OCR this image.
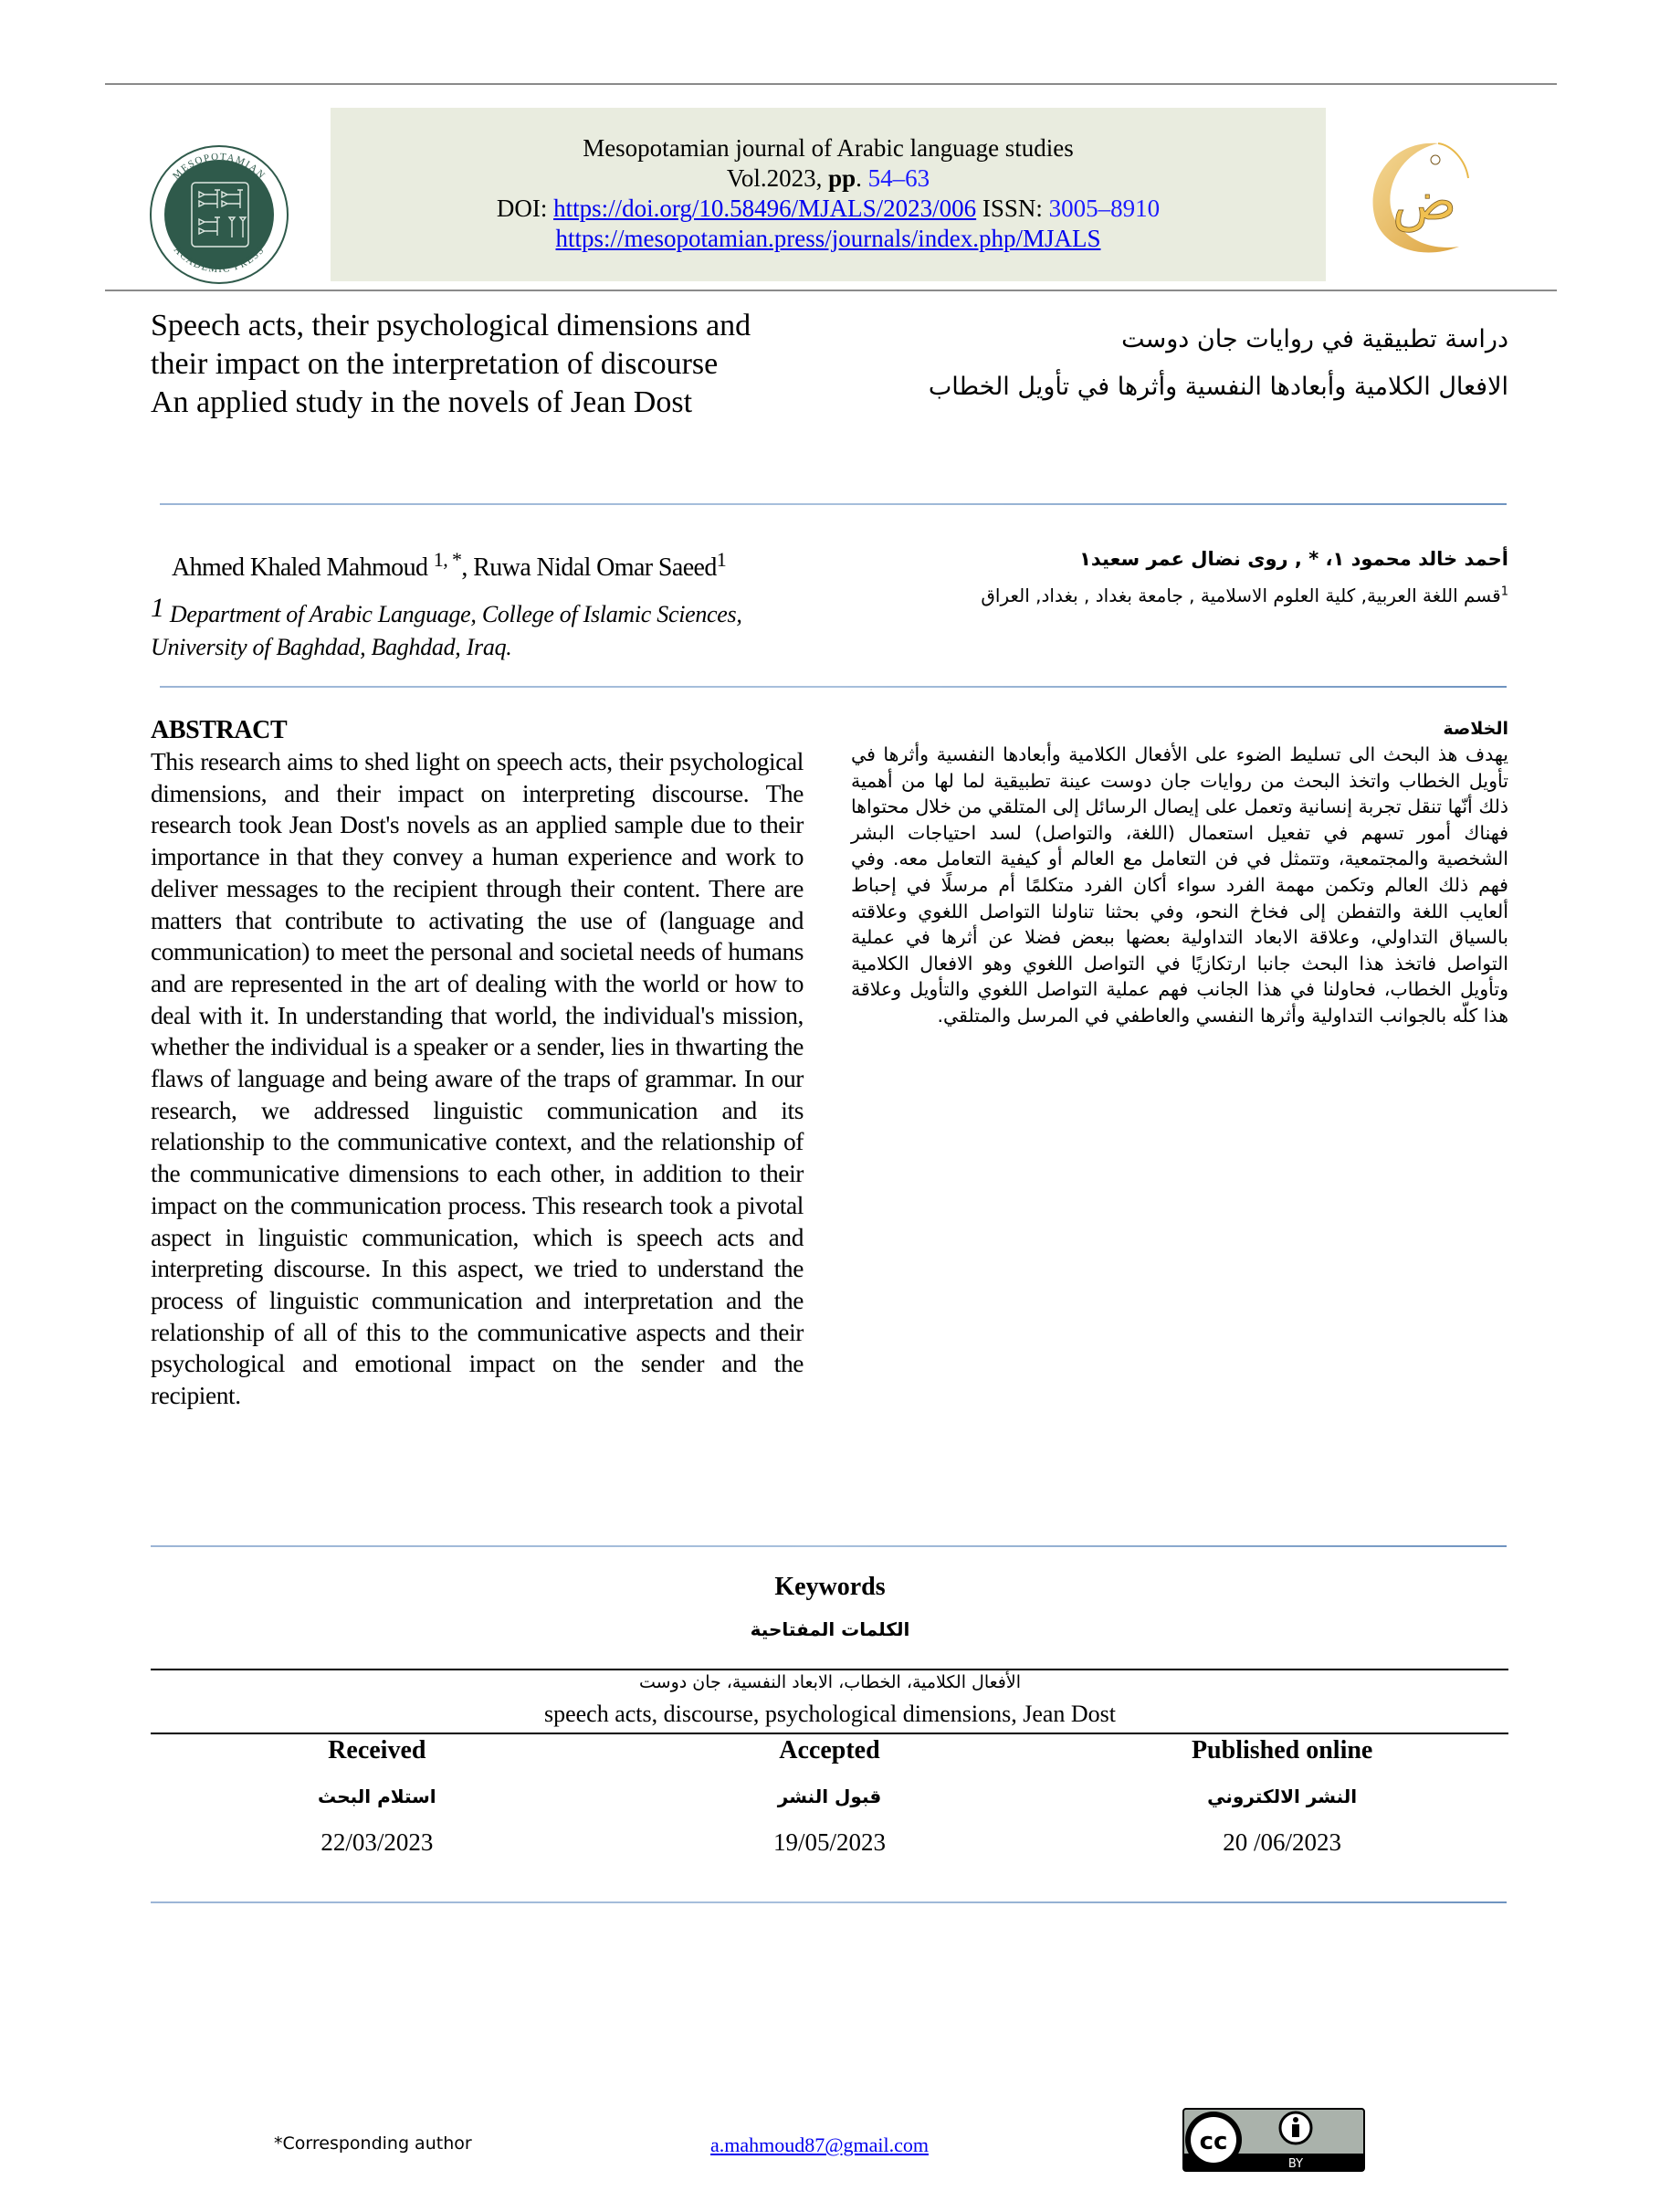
MESOPOTAMIAN
ACADEMIC PRESS
Mesopotamian journal of Arabic language studies
Vol.2023, pp. 54–63
DOI: https://doi.org/10.58496/MJALS/2023/006 ISSN: 3005–8910
https://mesopotamian.press/journals/index.php/MJALS
ض
Speech acts, their psychological dimensions and
their impact on the interpretation of discourse
An applied study in the novels of Jean Dost
دراسة تطبيقية في روايات جان دوست
الافعال الكلامية وأبعادها النفسية وأثرها في تأويل الخطاب
Ahmed Khaled Mahmoud $^{1, *}$, Ruwa Nidal Omar Saeed$^1$
1 Department of Arabic Language, College of Islamic Sciences,
University of Baghdad, Baghdad, Iraq.
أحمد خالد محمود ١، * , روى نضال عمر سعيد١
$^1$قسم اللغة العربية, كلية العلوم الاسلامية , جامعة بغداد , بغداد, العراق
ABSTRACT

This research aims to shed light on speech acts, their psychological dimensions, and their impact on interpreting discourse. The research took Jean Dost's novels as an applied sample due to their importance in that they convey a human experience and work to deliver messages to the recipient through their content. There are matters that contribute to activating the use of (language and communication) to meet the personal and societal needs of humans and are represented in the art of dealing with the world or how to deal with it. In understanding that world, the individual's mission, whether the individual is a speaker or a sender, lies in thwarting the flaws of language and being aware of the traps of grammar. In our research, we addressed linguistic communication and its relationship to the communicative context, and the relationship of the communicative dimensions to each other, in addition to their impact on the communication process. This research took a pivotal aspect in linguistic communication, which is speech acts and interpreting discourse. In this aspect, we tried to understand the process of linguistic communication and interpretation and the relationship of all of this to the communicative aspects and their psychological and emotional impact on the sender and the recipient.

الخلاصة

يهدف هذ البحث الى تسليط الضوء على الأفعال الكلامية وأبعادها النفسية وأثرها في تأويل الخطاب واتخذ البحث من روايات جان دوست عينة تطبيقية لما لها من أهمية ذلك أنّها تنقل تجربة إنسانية وتعمل على إيصال الرسائل إلى المتلقي من خلال محتواها فهناك أمور تسهم في تفعيل استعمال (اللغة، والتواصل) لسد احتياجات البشر الشخصية والمجتمعية، وتتمثل في فن التعامل مع العالم أو كيفية التعامل معه. وفي فهم ذلك العالم وتكمن مهمة الفرد سواء أكان الفرد متكلمًا أم مرسلًا في إحباط ألعايب اللغة والتفطن إلى فخاخ النحو، وفي بحثنا تناولنا التواصل اللغوي وعلاقته بالسياق التداولي، وعلاقة الابعاد التداولية بعضها ببعض فضلا عن أثرها في عملية التواصل فاتخذ هذا البحث جانبا ارتكازيًا في التواصل اللغوي وهو الافعال الكلامية وتأويل الخطاب، فحاولنا في هذا الجانب فهم عملية التواصل اللغوي والتأويل وعلاقة هذا كلّه بالجوانب التداولية وأثرها النفسي والعاطفي في المرسل والمتلقي.

Keywords
الكلمات المفتاحية
الأفعال الكلامية، الخطاب، الابعاد النفسية، جان دوست
speech acts, discourse, psychological dimensions, Jean Dost
Received	Accepted	Published online
استلام البحث	قبول النشر	النشر الالكتروني
22/03/2023	19/05/2023	20 /06/2023
*Corresponding author	a.mahmoud87@gmail.com	cc
BY
